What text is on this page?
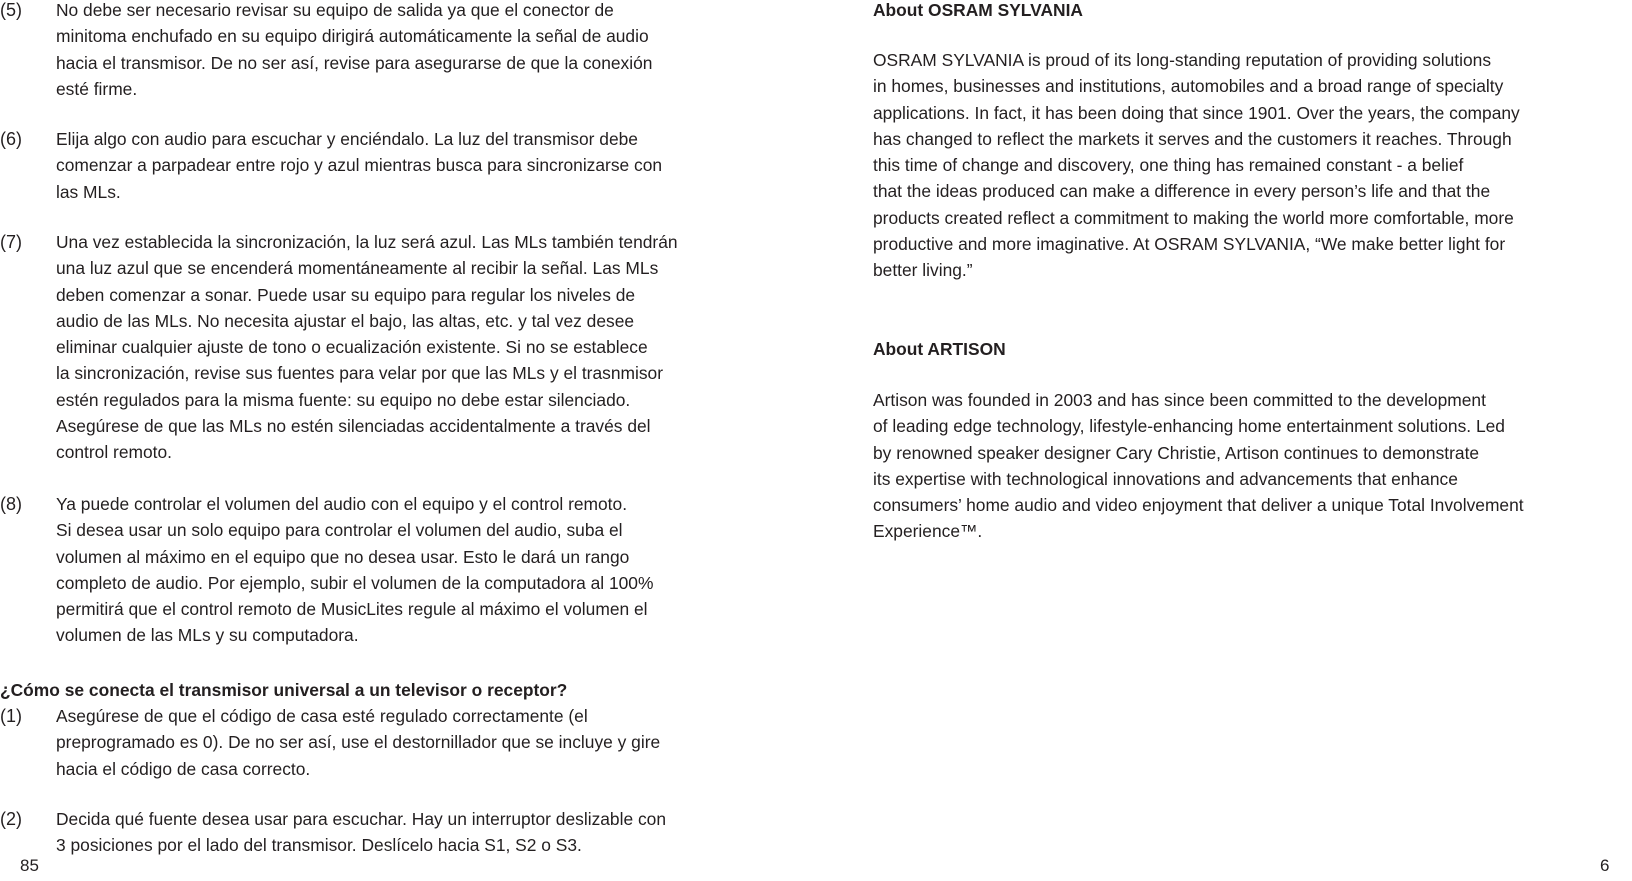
(5) No debe ser necesario revisar su equipo de salida ya que el conector de
minitoma enchufado en su equipo dirigirá automáticamente la señal de audio
hacia el transmisor. De no ser así, revise para asegurarse de que la conexión
esté firme.
(6) Elija algo con audio para escuchar y enciéndalo. La luz del transmisor debe
comenzar a parpadear entre rojo y azul mientras busca para sincronizarse con
las MLs.
(7) Una vez establecida la sincronización, la luz será azul. Las MLs también tendrán
una luz azul que se encenderá momentáneamente al recibir la señal. Las MLs
deben comenzar a sonar. Puede usar su equipo para regular los niveles de
audio de las MLs. No necesita ajustar el bajo, las altas, etc. y tal vez desee
eliminar cualquier ajuste de tono o ecualización existente. Si no se establece
la sincronización, revise sus fuentes para velar por que las MLs y el trasnmisor
estén regulados para la misma fuente: su equipo no debe estar silenciado.
Asegúrese de que las MLs no estén silenciadas accidentalmente a través del
control remoto.
(8) Ya puede controlar el volumen del audio con el equipo y el control remoto.
Si desea usar un solo equipo para controlar el volumen del audio, suba el
volumen al máximo en el equipo que no desea usar. Esto le dará un rango
completo de audio. Por ejemplo, subir el volumen de la computadora al 100%
permitirá que el control remoto de MusicLites regule al máximo el volumen el
volumen de las MLs y su computadora.
¿Cómo se conecta el transmisor universal a un televisor o receptor?
(1) Asegúrese de que el código de casa esté regulado correctamente (el
preprogramado es 0). De no ser así, use el destornillador que se incluye y gire
hacia el código de casa correcto.
(2) Decida qué fuente desea usar para escuchar. Hay un interruptor deslizable con
3 posiciones por el lado del transmisor. Deslícelo hacia S1, S2 o S3.
85
About OSRAM SYLVANIA
OSRAM SYLVANIA is proud of its long-standing reputation of providing solutions
in homes, businesses and institutions, automobiles and a broad range of specialty
applications. In fact, it has been doing that since 1901. Over the years, the company
has changed to reflect the markets it serves and the customers it reaches. Through
this time of change and discovery, one thing has remained constant - a belief
that the ideas produced can make a difference in every person’s life and that the
products created reflect a commitment to making the world more comfortable, more
productive and more imaginative. At OSRAM SYLVANIA, “We make better light for
better living.”
About ARTISON
Artison was founded in 2003 and has since been committed to the development
of leading edge technology, lifestyle-enhancing home entertainment solutions. Led
by renowned speaker designer Cary Christie, Artison continues to demonstrate
its expertise with technological innovations and advancements that enhance
consumers’ home audio and video enjoyment that deliver a unique Total Involvement
Experience™.
6
